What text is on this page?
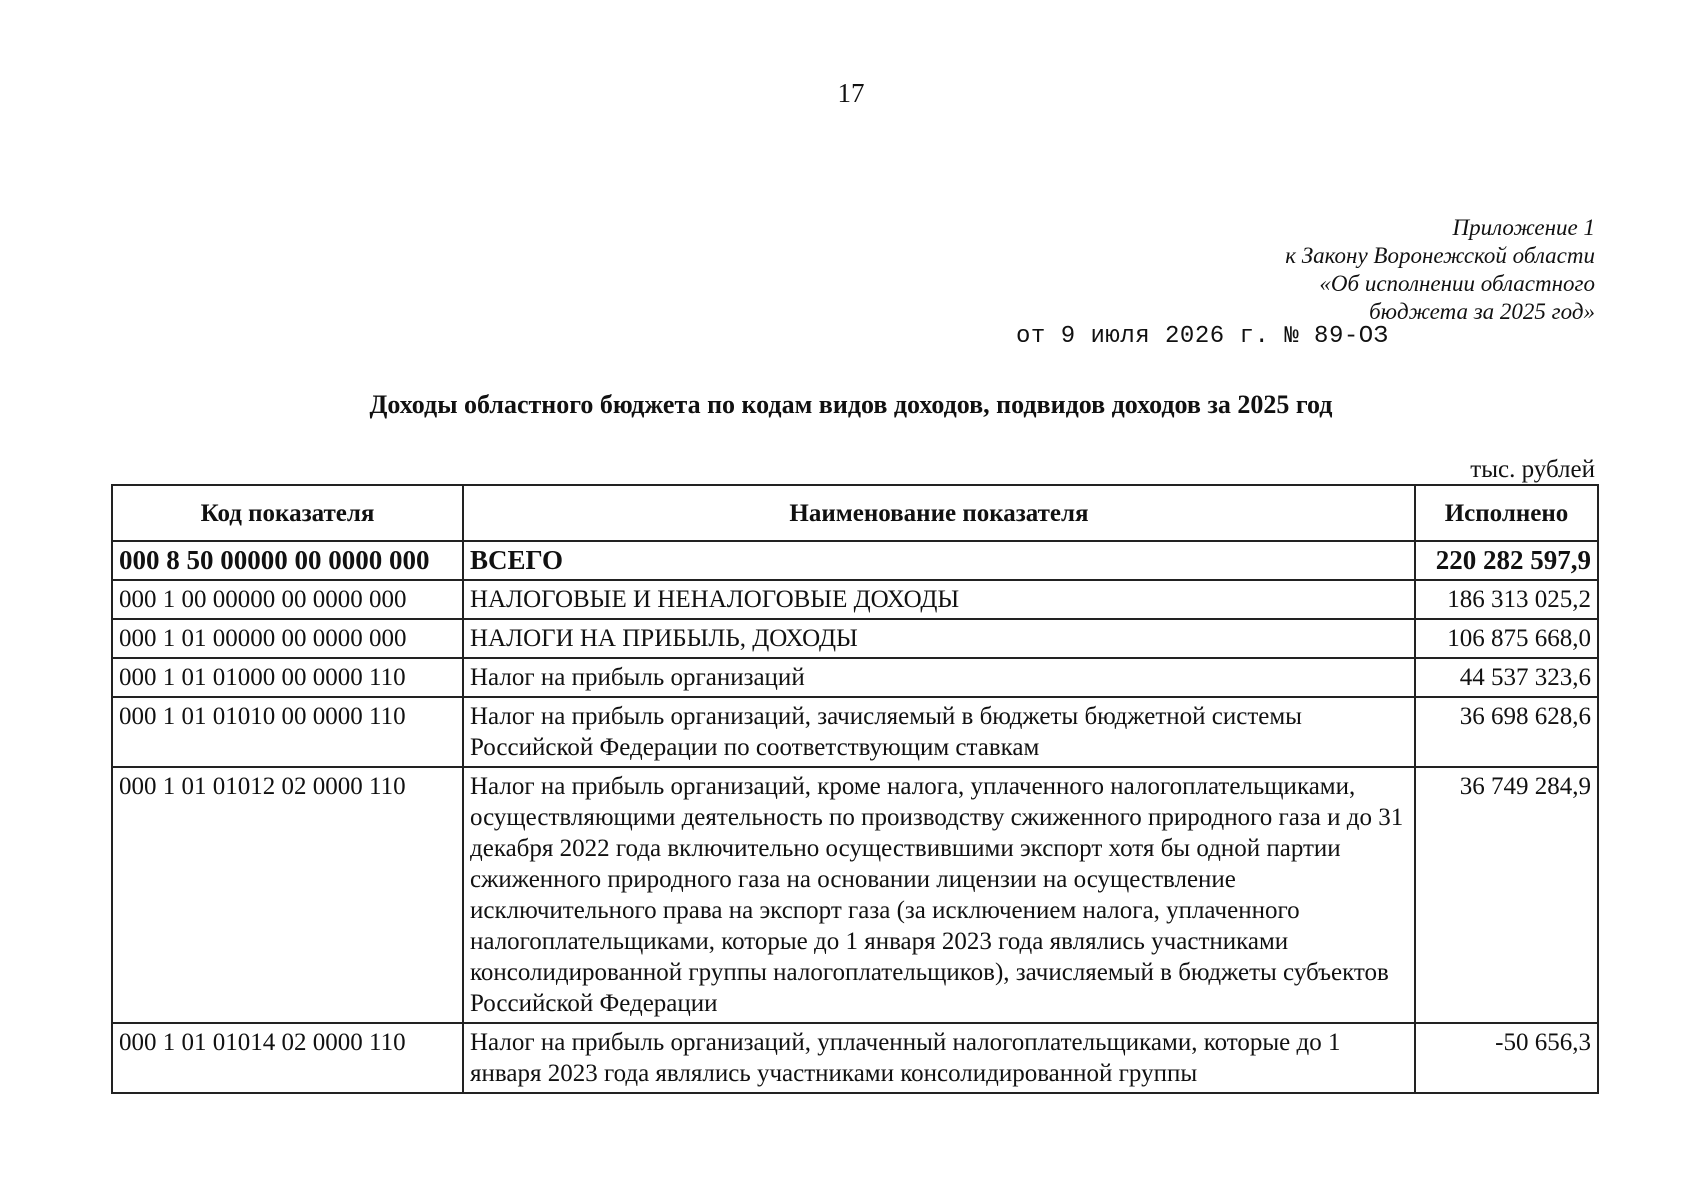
17
Приложение 1
к Закону Воронежской области
«Об исполнении областного
бюджета за 2025 год»
от 9 июля 2026 г. № 89-ОЗ
Доходы областного бюджета по кодам видов доходов, подвидов доходов за 2025 год
тыс. рублей
Код показателя	Наименование показателя	Исполнено
000 8 50 00000 00 0000 000	ВСЕГО	220 282 597,9
000 1 00 00000 00 0000 000	НАЛОГОВЫЕ И НЕНАЛОГОВЫЕ ДОХОДЫ	186 313 025,2
000 1 01 00000 00 0000 000	НАЛОГИ НА ПРИБЫЛЬ, ДОХОДЫ	106 875 668,0
000 1 01 01000 00 0000 110	Налог на прибыль организаций	44 537 323,6
000 1 01 01010 00 0000 110	Налог на прибыль организаций, зачисляемый в бюджеты бюджетной системы Российской Федерации по соответствующим ставкам	36 698 628,6
000 1 01 01012 02 0000 110	Налог на прибыль организаций, кроме налога, уплаченного налогоплательщиками, осуществляющими деятельность по производству сжиженного природного газа и до 31 декабря 2022 года включительно осуществившими экспорт хотя бы одной партии сжиженного природного газа на основании лицензии на осуществление исключительного права на экспорт газа (за исключением налога, уплаченного налогоплательщиками, которые до 1 января 2023 года являлись участниками консолидированной группы налогоплательщиков), зачисляемый в бюджеты субъектов Российской Федерации	36 749 284,9
000 1 01 01014 02 0000 110	Налог на прибыль организаций, уплаченный налогоплательщиками, которые до 1 января 2023 года являлись участниками консолидированной группы	-50 656,3
